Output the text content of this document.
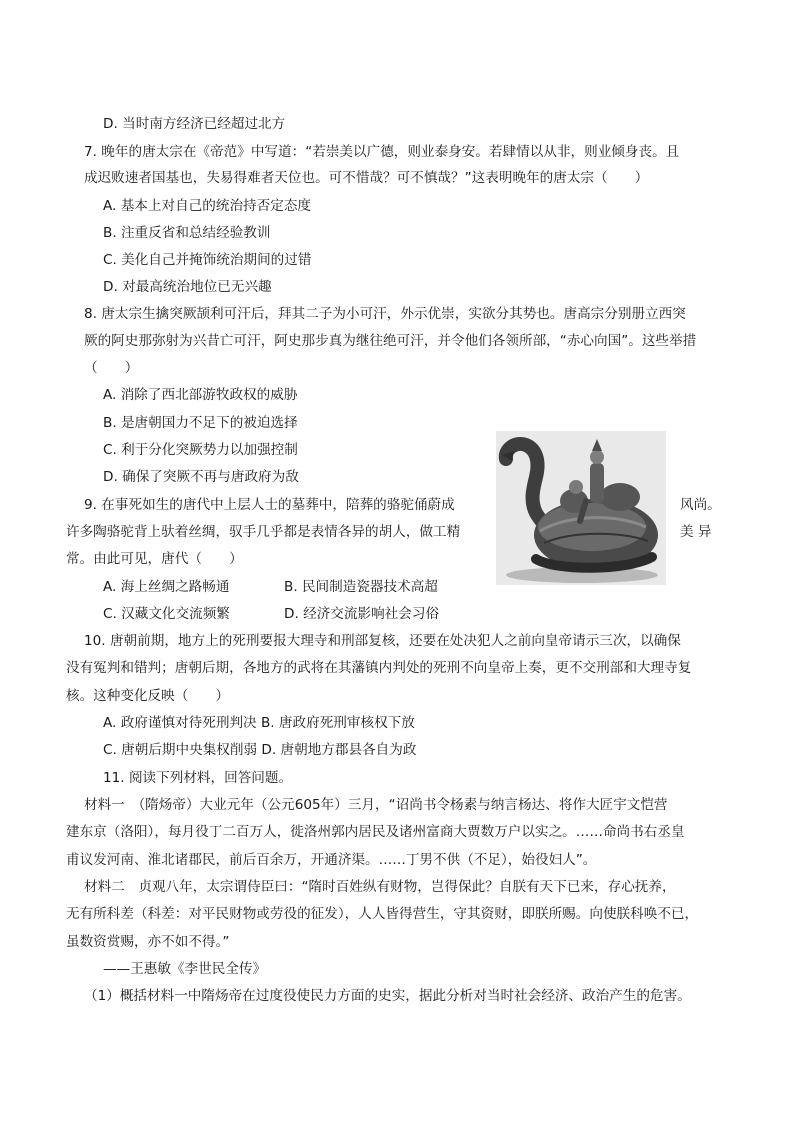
D. 当时南方经济已经超过北方
7. 晚年的唐太宗在《帝范》中写道：“若崇美以广德，则业泰身安。若肆情以从非，则业倾身丧。且
成迟败速者国基也，失易得难者天位也。可不惜哉？可不慎哉？”这表明晚年的唐太宗（　　）
A. 基本上对自己的统治持否定态度
B. 注重反省和总结经验教训
C. 美化自己并掩饰统治期间的过错
D. 对最高统治地位已无兴趣
8. 唐太宗生擒突厥颉利可汗后，拜其二子为小可汗，外示优崇，实欲分其势也。唐高宗分别册立西突
厥的阿史那弥射为兴昔亡可汗，阿史那步真为继往绝可汗，并令他们各领所部，“赤心向国”。这些举措
（　　）
A. 消除了西北部游牧政权的威胁
B. 是唐朝国力不足下的被迫选择
C. 利于分化突厥势力以加强控制
D. 确保了突厥不再与唐政府为敌
9. 在事死如生的唐代中上层人士的墓葬中，陪葬的骆驼俑蔚成	风尚。
许多陶骆驼背上驮着丝绸，驭手几乎都是表情各异的胡人，做工精	美 异
常。由此可见，唐代（　　）
A. 海上丝绸之路畅通	B. 民间制造瓷器技术高超
C. 汉藏文化交流频繁	D. 经济交流影响社会习俗
10. 唐朝前期，地方上的死刑要报大理寺和刑部复核，还要在处决犯人之前向皇帝请示三次，以确保
没有冤判和错判；唐朝后期，各地方的武将在其藩镇内判处的死刑不向皇帝上奏，更不交刑部和大理寺复
核。这种变化反映（　　）
A. 政府谨慎对待死刑判决 B. 唐政府死刑审核权下放
C. 唐朝后期中央集权削弱 D. 唐朝地方郡县各自为政
11. 阅读下列材料，回答问题。
材料一　（隋炀帝）大业元年（公元605年）三月，“诏尚书令杨素与纳言杨达、将作大匠宇文恺营
建东京（洛阳），每月役丁二百万人，徙洛州郭内居民及诸州富商大贾数万户以实之。……命尚书右丞皇
甫议发河南、淮北诸郡民，前后百余万，开通济渠。……丁男不供（不足），始役妇人”。
材料二　贞观八年，太宗谓侍臣曰：“隋时百姓纵有财物，岂得保此？自朕有天下已来，存心抚养，
无有所科差（科差：对平民财物或劳役的征发），人人皆得营生，守其资财，即朕所赐。向使朕科唤不已，
虽数资赏赐，亦不如不得。”
——王惠敏《李世民全传》
（1）概括材料一中隋炀帝在过度役使民力方面的史实，据此分析对当时社会经济、政治产生的危害。
